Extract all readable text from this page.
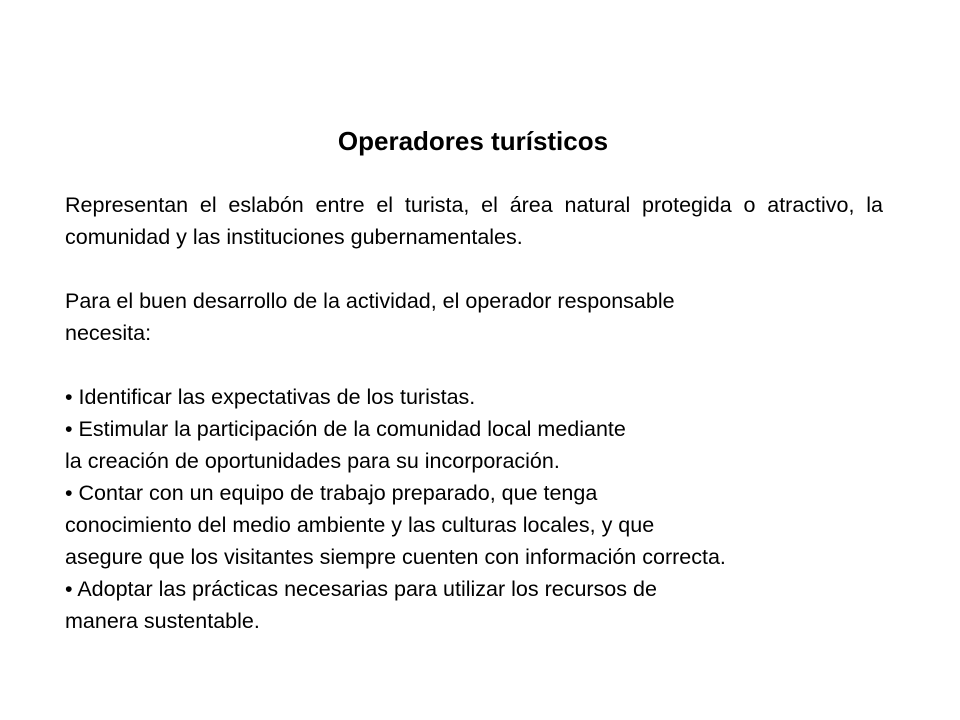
Operadores turísticos

Representan el eslabón entre el turista, el área natural protegida o atractivo, la comunidad y las instituciones gubernamentales.

Para el buen desarrollo de la actividad, el operador responsable
necesita:

• Identificar las expectativas de los turistas.

• Estimular la participación de la comunidad local mediante
la creación de oportunidades para su incorporación.

• Contar con un equipo de trabajo preparado, que tenga
conocimiento del medio ambiente y las culturas locales, y que

asegure que los visitantes siempre cuenten con información correcta.

• Adoptar las prácticas necesarias para utilizar los recursos de
manera sustentable.
